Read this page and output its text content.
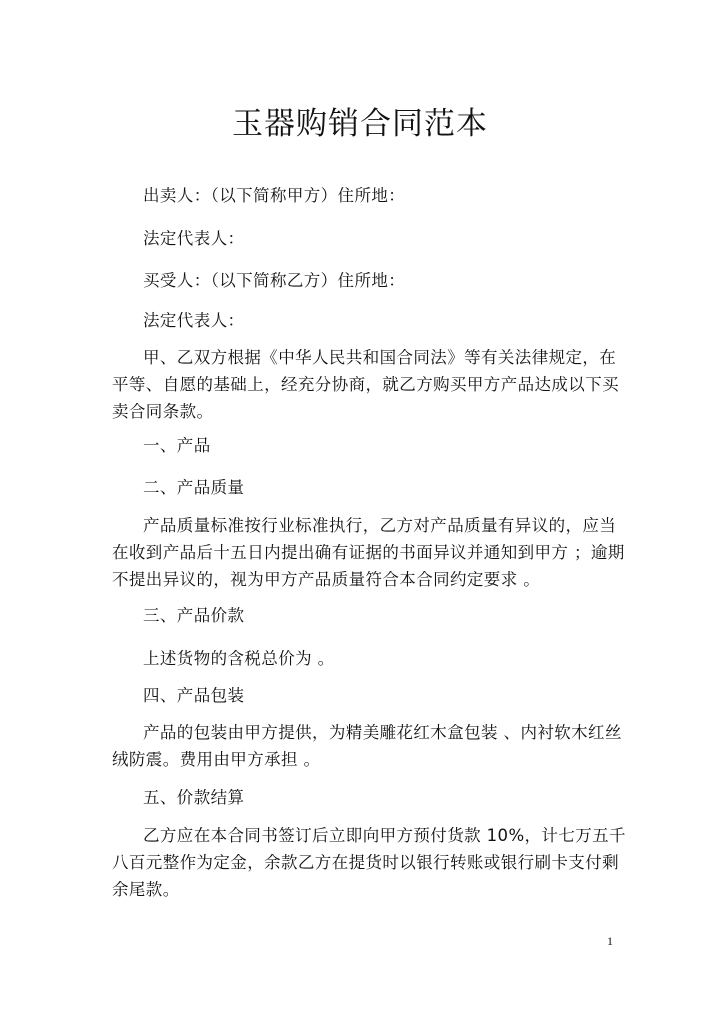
玉器购销合同范本
出卖人：（以下简称甲方）住所地：
法定代表人：
买受人：（以下简称乙方）住所地：
法定代表人：
甲、乙双方根据《中华人民共和国合同法》等有关法律规定，在
平等、自愿的基础上，经充分协商，就乙方购买甲方产品达成以下买
卖合同条款。
一、产品
二、产品质量
产品质量标准按行业标准执行，乙方对产品质量有异议的，应当
在收到产品后十五日内提出确有证据的书面异议并通知到甲方 ；逾期
不提出异议的，视为甲方产品质量符合本合同约定要求 。
三、产品价款
上述货物的含税总价为 。
四、产品包装
产品的包装由甲方提供，为精美雕花红木盒包装 、内衬软木红丝
绒防震。费用由甲方承担 。
五、价款结算
乙方应在本合同书签订后立即向甲方预付货款 10%，计七万五千
八百元整作为定金，余款乙方在提货时以银行转账或银行刷卡支付剩
余尾款。
1
